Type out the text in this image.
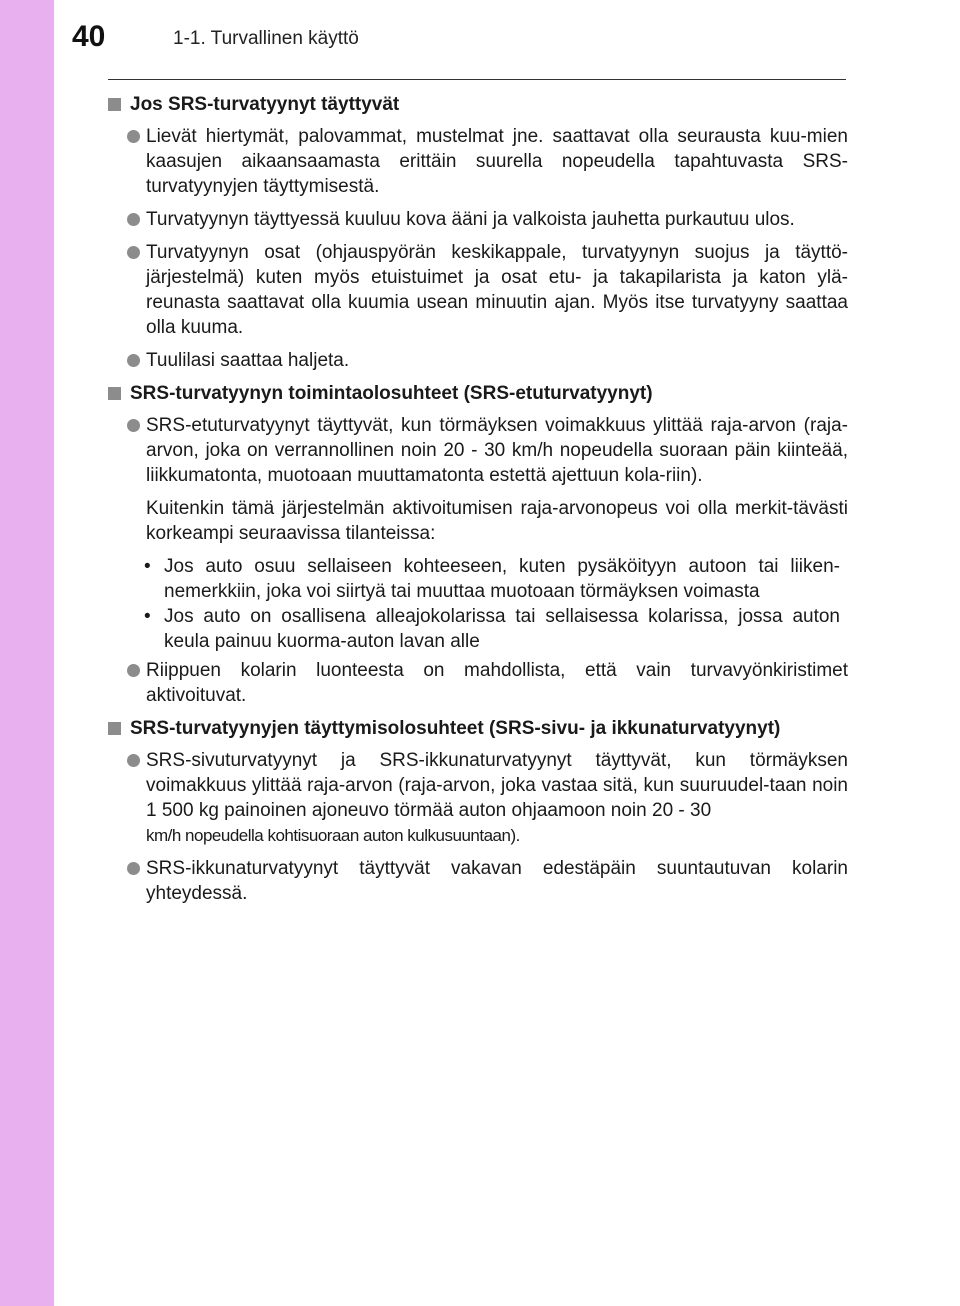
40	1-1. Turvallinen käyttö
Jos SRS-turvatyynyt täyttyvät
Lievät hiertymät, palovammat, mustelmat jne. saattavat olla seurausta kuu-mien kaasujen aikaansaamasta erittäin suurella nopeudella tapahtuvasta SRS-turvatyynyjen täyttymisestä.
Turvatyynyn täyttyessä kuuluu kova ääni ja valkoista jauhetta purkautuu ulos.
Turvatyynyn osat (ohjauspyörän keskikappale, turvatyynyn suojus ja täyttö-järjestelmä) kuten myös etuistuimet ja osat etu- ja takapilarista ja katon ylä-reunasta saattavat olla kuumia usean minuutin ajan. Myös itse turvatyyny saattaa olla kuuma.
Tuulilasi saattaa haljeta.
SRS-turvatyynyn toimintaolosuhteet (SRS-etuturvatyynyt)
SRS-etuturvatyynyt täyttyvät, kun törmäyksen voimakkuus ylittää raja-arvon (raja-arvon, joka on verrannollinen noin 20 - 30 km/h nopeudella suoraan päin kiinteää, liikkumatonta, muotoaan muuttamatonta estettä ajettuun kola-riin).
Kuitenkin tämä järjestelmän aktivoitumisen raja-arvonopeus voi olla merkit-tävästi korkeampi seuraavissa tilanteissa:
• Jos auto osuu sellaiseen kohteeseen, kuten pysäköityyn autoon tai liiken-nemerkkiin, joka voi siirtyä tai muuttaa muotoaan törmäyksen voimasta
• Jos auto on osallisena alleajokolarissa tai sellaisessa kolarissa, jossa auton keula painuu kuorma-auton lavan alle
Riippuen kolarin luonteesta on mahdollista, että vain turvavyönkiristimet aktivoituvat.
SRS-turvatyynyjen täyttymisolosuhteet (SRS-sivu- ja ikkunaturvatyynyt)
SRS-sivuturvatyynyt ja SRS-ikkunaturvatyynyt täyttyvät, kun törmäyksen voimakkuus ylittää raja-arvon (raja-arvon, joka vastaa sitä, kun suuruudel-taan noin 1 500 kg painoinen ajoneuvo törmää auton ohjaamoon noin 20 - 30
km/h nopeudella kohtisuoraan auton kulkusuuntaan).
SRS-ikkunaturvatyynyt täyttyvät vakavan edestäpäin suuntautuvan kolarin yhteydessä.
